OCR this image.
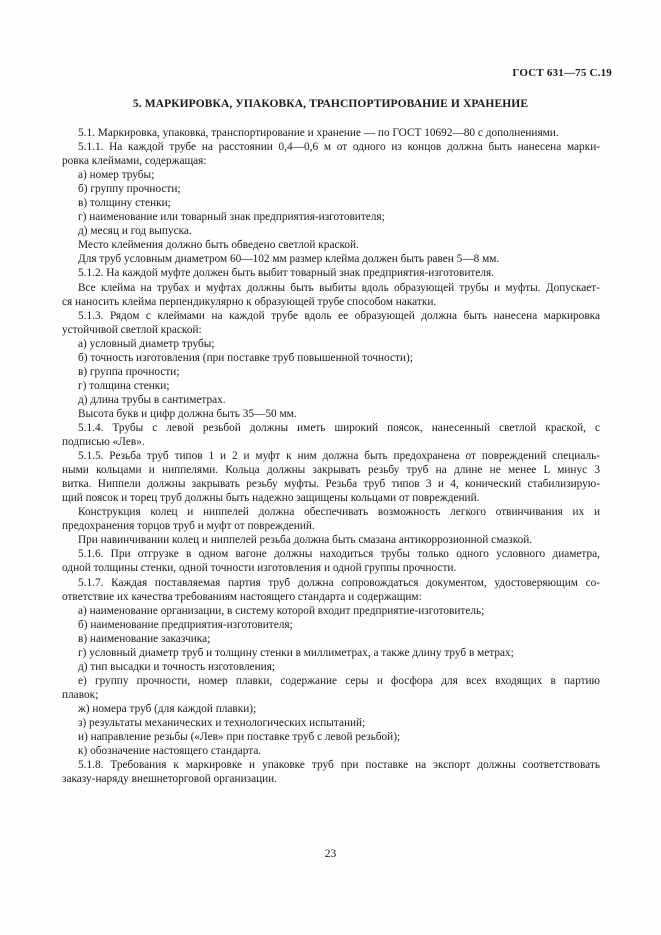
ГОСТ 631—75 С.19
5. МАРКИРОВКА, УПАКОВКА, ТРАНСПОРТИРОВАНИЕ И ХРАНЕНИЕ

5.1. Маркировка, упаковка, транспортирование и хранение — по ГОСТ 10692—80 с дополнениями.

5.1.1. На каждой трубе на расстоянии 0,4—0,6 м от одного из концов должна быть нанесена марки-

ровка клеймами, содержащая:

а) номер трубы;

б) группу прочности;

в) толщину стенки;

г) наименование или товарный знак предприятия-изготовителя;

д) месяц и год выпуска.

Место клеймения должно быть обведено светлой краской.

Для труб условным диаметром 60—102 мм размер клейма должен быть равен 5—8 мм.

5.1.2. На каждой муфте должен быть выбит товарный знак предприятия-изготовителя.

Все клейма на трубах и муфтах должны быть выбиты вдоль образующей трубы и муфты. Допускает-

ся наносить клейма перпендикулярно к образующей трубе способом накатки.

5.1.3. Рядом с клеймами на каждой трубе вдоль ее образующей должна быть нанесена маркировка

устойчивой светлой краской:

а) условный диаметр трубы;

б) точность изготовления (при поставке труб повышенной точности);

в) группа прочности;

г) толщина стенки;

д) длина трубы в сантиметрах.

Высота букв и цифр должна быть 35—50 мм.

5.1.4. Трубы с левой резьбой должны иметь широкий поясок, нанесенный светлой краской, с

подписью «Лев».

5.1.5. Резьба труб типов 1 и 2 и муфт к ним должна быть предохранена от повреждений специаль-

ными кольцами и ниппелями. Кольца должны закрывать резьбу труб на длине не менее L минус 3

витка. Ниппели должны закрывать резьбу муфты. Резьба труб типов 3 и 4, конический стабилизирую-

щий поясок и торец труб должны быть надежно защищены кольцами от повреждений.

Конструкция колец и ниппелей должна обеспечивать возможность легкого отвинчивания их и

предохранения торцов труб и муфт от повреждений.

При навинчивании колец и ниппелей резьба должна быть смазана антикоррозионной смазкой.

5.1.6. При отгрузке в одном вагоне должны находиться трубы только одного условного диаметра,

одной толщины стенки, одной точности изготовления и одной группы прочности.

5.1.7. Каждая поставляемая партия труб должна сопровождаться документом, удостоверяющим со-

ответствие их качества требованиям настоящего стандарта и содержащим:

а) наименование организации, в систему которой входит предприятие-изготовитель;

б) наименование предприятия-изготовителя;

в) наименование заказчика;

г) условный диаметр труб и толщину стенки в миллиметрах, а также длину труб в метрах;

д) тип высадки и точность изготовления;

е) группу прочности, номер плавки, содержание серы и фосфора для всех входящих в партию

плавок;

ж) номера труб (для каждой плавки);

з) результаты механических и технологических испытаний;

и) направление резьбы («Лев» при поставке труб с левой резьбой);

к) обозначение настоящего стандарта.

5.1.8. Требования к маркировке и упаковке труб при поставке на экспорт должны соответствовать

заказу-наряду внешнеторговой организации.

23
